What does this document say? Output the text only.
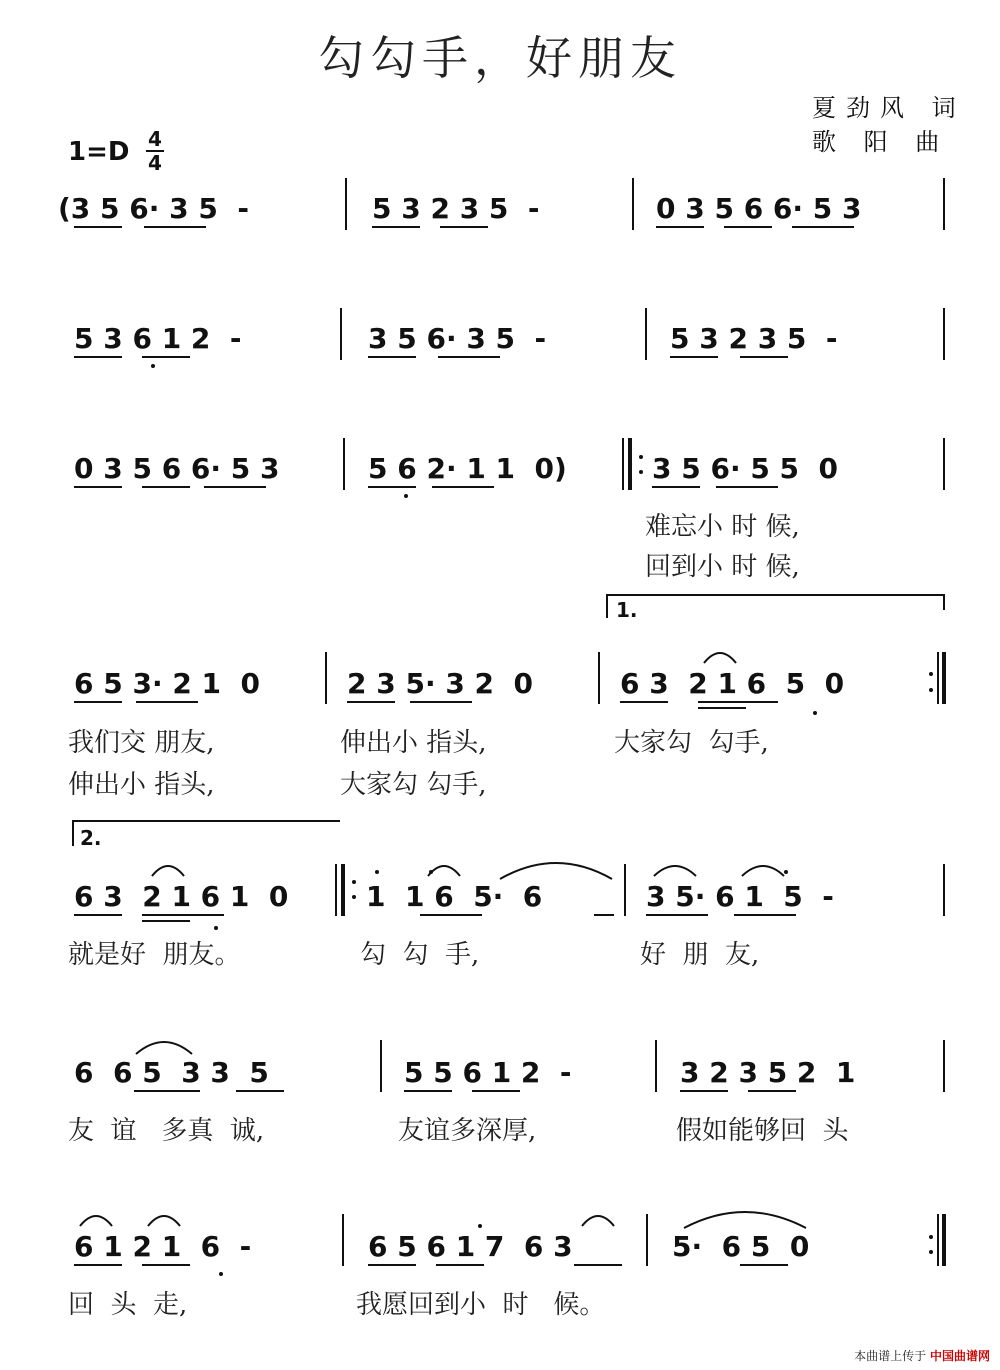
勾勾手，好朋友
夏劲风 词
歌 阳 曲
1=D 4
4
(3 5 6· 3 5  -	5 3 2 3 5  -	0 3 5 6 6· 5 3
5 3 6 1 2  -	3 5 6· 3 5  -	5 3 2 3 5  -
0 3 5 6 6· 5 3	5 6 2· 1 1  0)	3 5 6· 5 5  0
难忘小 时 候,
回到小 时 候,
1.
6 5 3· 2 1  0	2 3 5· 3 2  0	6 3  2 1 6  5  0
我们交 朋友,	伸出小 指头,	大家勾  勾手,
伸出小 指头,	大家勾 勾手,
2.
6 3  2 1 6 1  0	1  1 6  5·  6	3 5· 6 1  5  -
就是好  朋友。	勾  勾  手,	好  朋  友,
6  6 5  3 3  5	5 5 6 1 2  -	3 2 3 5 2  1
友  谊   多真  诚,	友谊多深厚,	假如能够回  头
6 1 2 1  6  -	6 5 6 1 7  6 3	5·  6 5  0
回  头  走,	我愿回到小  时   候。
本曲谱上传于 中国曲谱网
